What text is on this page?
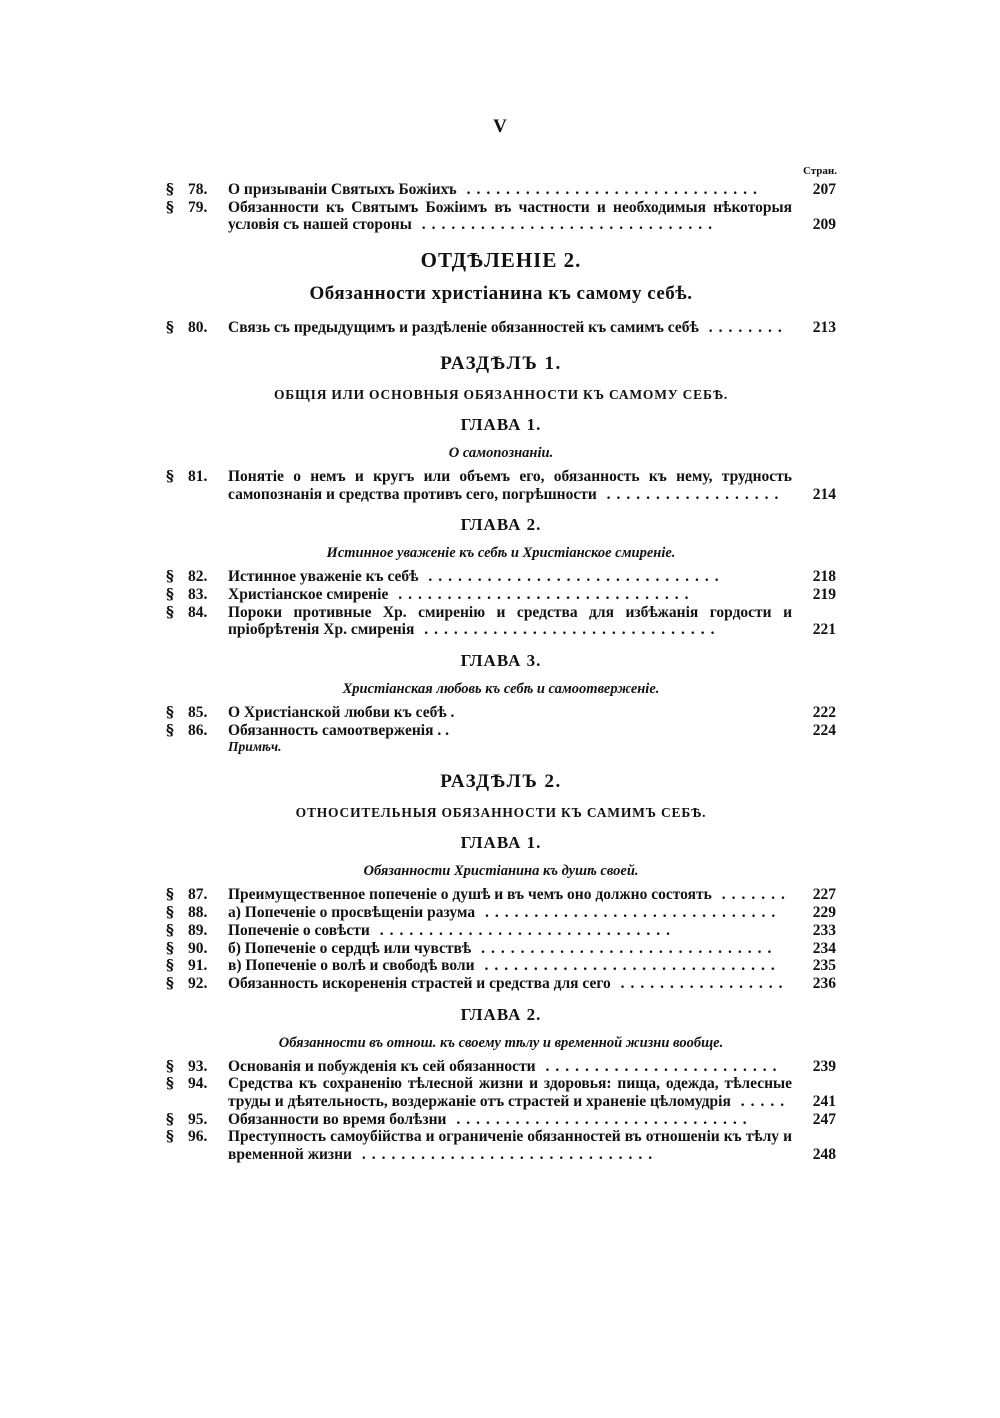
V
Стран.
§ 78.	О призываніи Святыхъ Божіихъ ..............................	207
§ 79.	Обязанности къ Святымъ Божіимъ въ частности и необходимыя нѣкоторыя условія съ нашей стороны ..............................	209
ОТДѢЛЕНІЕ 2.
Обязанности христіанина къ самому себѣ.
§ 80.	Связь съ предыдущимъ и раздѣленіе обязанностей къ самимъ себѣ ........	213
РАЗДѢЛЪ 1.
ОБЩІЯ ИЛИ ОСНОВНЫЯ ОБЯЗАННОСТИ КЪ САМОМУ СЕБѢ.
ГЛАВА 1.
О самопознаніи.
§ 81.	Понятіе о немъ и кругъ или объемъ его, обязанность къ нему, трудность самопознанія и средства противъ сего, погрѣшности ..................	214
ГЛАВА 2.
Истинное уваженіе къ себѣ и Христіанское смиреніе.
§ 82.	Истинное уваженіе къ себѣ ..............................	218
§ 83.	Христіанское смиреніе ..............................	219
§ 84.	Пороки противные Хр. смиренію и средства для избѣжанія гордости и пріобрѣтенія Хр. смиренія ..............................	221
ГЛАВА 3.
Христіанская любовь къ себѣ и самоотверженіе.
§ 85.	О Христіанской любви къ себѣ .	222
§ 86.	Обязанность самоотверженія . .	224
Примѣч.
РАЗДѢЛЪ 2.
ОТНОСИТЕЛЬНЫЯ ОБЯЗАННОСТИ КЪ САМИМЪ СЕБѢ.
ГЛАВА 1.
Обязанности Христіанина къ душѣ своей.
§ 87.	Преимущественное попеченіе о душѣ и въ чемъ оно должно состоять .......	227
§ 88.	а) Попеченіе о просвѣщеніи разума ..............................	229
§ 89.	Попеченіе о совѣсти ..............................	233
§ 90.	б) Попеченіе о сердцѣ или чувствѣ ..............................	234
§ 91.	в) Попеченіе о волѣ и свободѣ воли ..............................	235
§ 92.	Обязанность искорененія страстей и средства для сего .................	236
ГЛАВА 2.
Обязанности въ отнош. къ своему тѣлу и временной жизни вообще.
§ 93.	Основанія и побужденія къ сей обязанности ........................	239
§ 94.	Средства къ сохраненію тѣлесной жизни и здоровья: пища, одежда, тѣлесные труды и дѣятельность, воздержаніе отъ страстей и храненіе цѣломудрія .....	241
§ 95.	Обязанности во время болѣзни ..............................	247
§ 96.	Преступность самоубійства и ограниченіе обязанностей въ отношеніи къ тѣлу и временной жизни ..............................	248
